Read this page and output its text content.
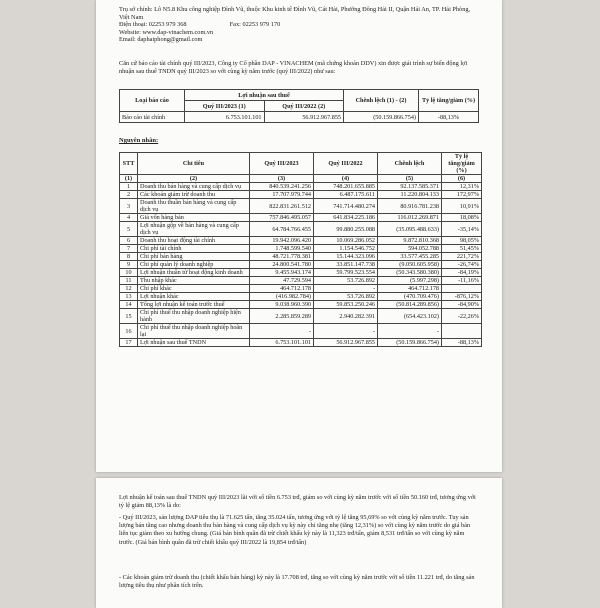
Trụ sở chính: Lô N5.8 Khu công nghiệp Đình Vũ, thuộc Khu kinh tế Đình Vũ, Cát Hải, Phường Đông Hải II, Quận Hải An, TP. Hải Phòng, Việt Nam

Điện thoại: 02253 979 368	Fax: 02253 979 170

Website: www.dap-vinachem.com.vn

Email: daphaiphong@gmail.com

Căn cứ báo cáo tài chính quý III/2023, Công ty Cổ phần DAP - VINACHEM (mã chứng khoán DDV) xin được giải trình sự biến động lợi nhuận sau thuế TNDN quý III/2023 so với cùng kỳ năm trước (quý III/2022) như sau:

Loại báo cáo	Lợi nhuận sau thuế		Chênh lệch (1) - (2)	Tỷ lệ tăng/giảm (%)
	Quý III/2023 (1)	Quý III/2022 (2)		
Báo cáo tài chính	6.753.101.101	56.912.967.855	(50.159.866.754)	-88,13%
Nguyên nhân:
STT	Chỉ tiêu	Quý III/2023	Quý III/2022	Chênh lệch	Tỷ lệ tăng/giảm (%)
(1)	(2)	(3)	(4)	(5)	(6)
1	Doanh thu bán hàng và cung cấp dịch vụ	840.539.241.256	748.201.655.885	92.137.585.371	12,31%
2	Các khoản giảm trừ doanh thu	17.707.979.744	6.487.175.611	11.220.804.133	172,97%
3	Doanh thu thuần bán hàng và cung cấp dịch vụ	822.831.261.512	741.714.480.274	80.916.781.238	10,91%
4	Giá vốn hàng bán	757.846.495.057	641.834.225.186	116.012.269.871	18,08%
5	Lợi nhuận gộp về bán hàng và cung cấp dịch vụ	64.784.766.455	99.880.255.088	(35.095.488.633)	-35,14%
6	Doanh thu hoạt động tài chính	19.942.096.420	10.069.286.052	9.872.810.368	98,05%
7	Chi phí tài chính	1.748.599.540	1.154.546.752	594.052.788	51,45%
8	Chi phí bán hàng	48.721.778.381	15.144.323.096	33.577.455.285	221,72%
9	Chi phí quản lý doanh nghiệp	24.800.541.780	33.851.147.738	(9.050.605.958)	-26,74%
10	Lợi nhuận thuần từ hoạt động kinh doanh	9.455.943.174	59.799.523.554	(50.343.580.380)	-84,19%
11	Thu nhập khác	47.729.594	53.726.892	(5.997.298)	-11,16%
12	Chi phí khác	464.712.178	-	464.712.178	
13	Lợi nhuận khác	(416.982.784)	53.726.892	(470.709.476)	-876,12%
14	Tổng lợi nhuận kế toán trước thuế	9.038.960.390	59.853.250.246	(50.814.289.856)	-84,90%
15	Chi phí thuế thu nhập doanh nghiệp hiện hành	2.285.859.289	2.940.282.391	(654.423.102)	-22,26%
16	Chi phí thuế thu nhập doanh nghiệp hoãn lại	-	-	-	
17	Lợi nhuận sau thuế TNDN	6.753.101.101	56.912.967.855	(50.159.866.754)	-88,13%

Lợi nhuận kế toán sau thuế TNDN quý III/2023 lãi với số tiền 6.753 trđ, giảm so với cùng kỳ năm trước với số tiền 50.160 trđ, tương ứng với tỷ lệ giảm 88,13% là do:

- Quý III/2023, sản lượng DAP tiêu thụ là 71.625 tấn, tăng 35.024 tấn, tương ứng với tỷ lệ tăng 95,69% so với cùng kỳ năm trước. Tuy sản lượng bán tăng cao nhưng doanh thu bán hàng và cung cấp dịch vụ kỳ này chỉ tăng nhẹ (tăng 12,31%) so với cùng kỳ năm trước do giá bán liên tục giảm theo xu hướng chung. (Giá bán bình quân đã trừ chiết khấu kỳ này là 11,323 trđ/tấn, giảm 8,531 trđ/tấn so với cùng kỳ năm trước. (Giá bán bình quân đã trừ chiết khấu quý III/2022 là 19,854 trđ/tấn)

- Các khoản giảm trừ doanh thu (chiết khấu bán hàng) kỳ này là 17.708 trđ, tăng so với cùng kỳ năm trước với số tiền 11.221 trđ, do tăng sản lượng tiêu thụ như phân tích trên.
